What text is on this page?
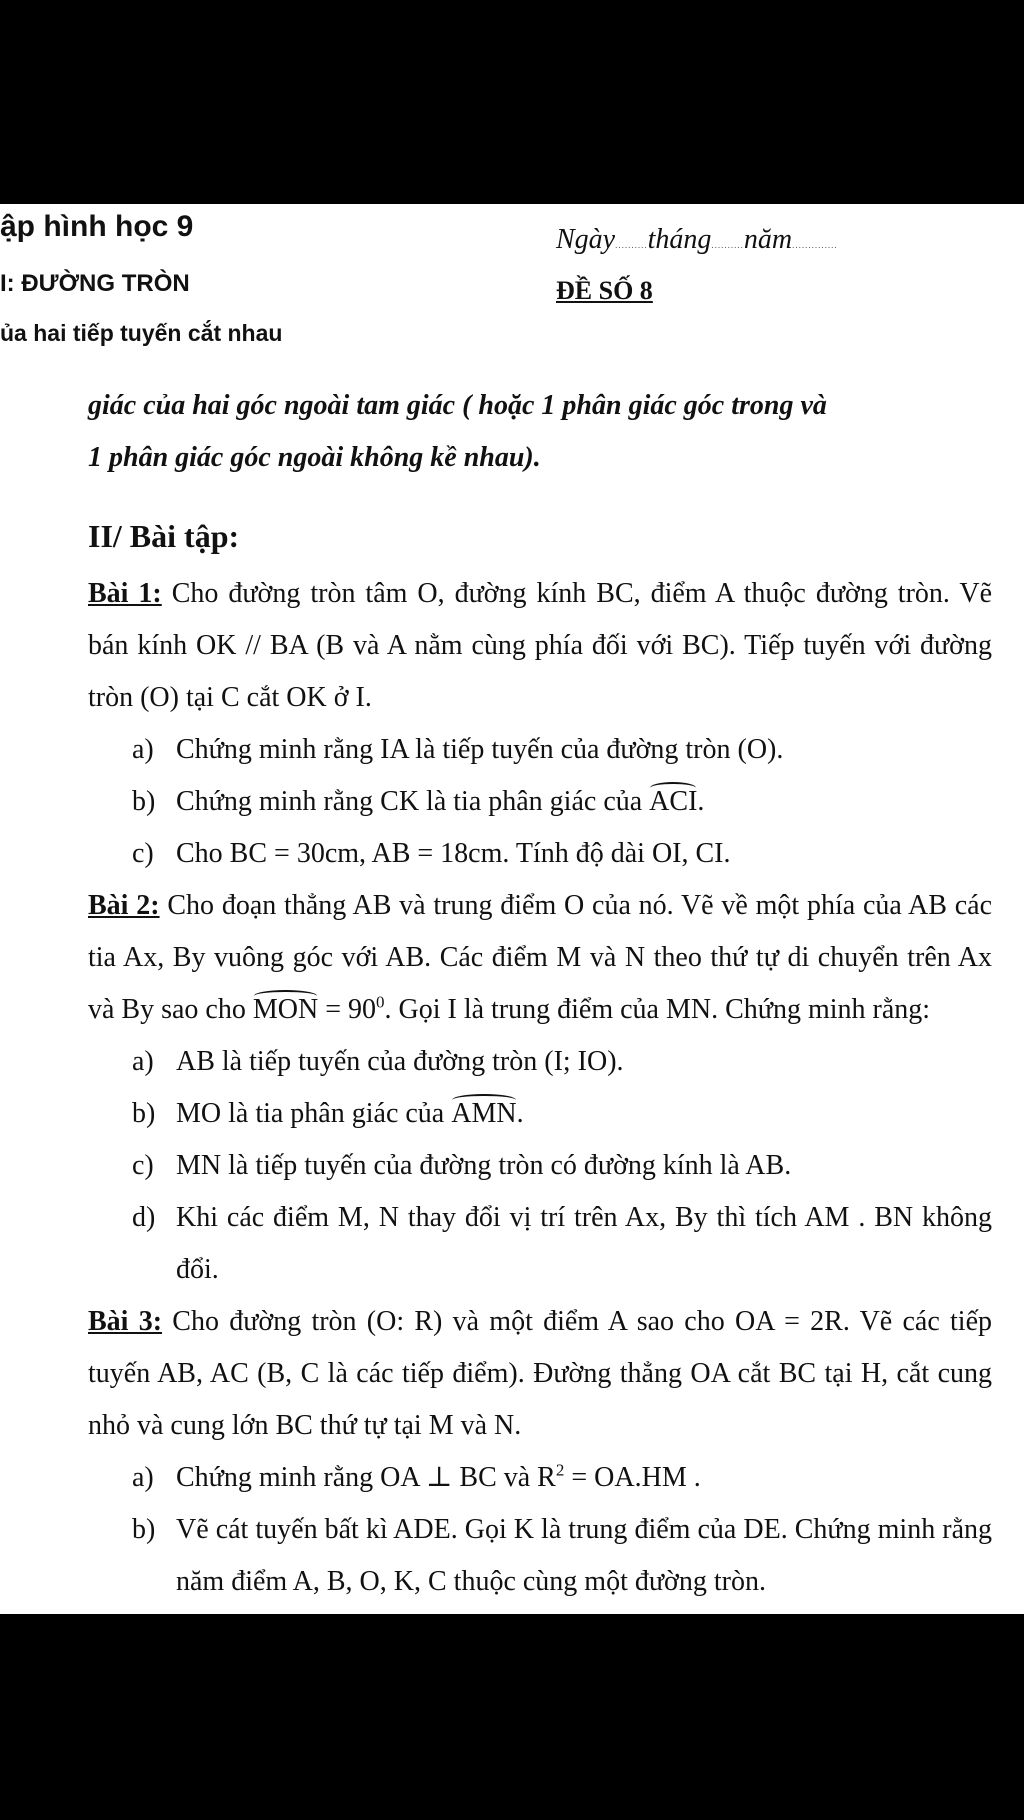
ập hình học 9
I: ĐƯỜNG TRÒN
ủa hai tiếp tuyến cắt nhau
Ngày..........tháng..........năm..............
ĐỀ SỐ 8
giác của hai góc ngoài tam giác ( hoặc 1 phân giác góc trong và
1 phân giác góc ngoài không kề nhau).
II/ Bài tập:

Bài 1: Cho đường tròn tâm O, đường kính BC, điểm A thuộc đường tròn. Vẽ bán kính OK // BA (B và A nằm cùng phía đối với BC). Tiếp tuyến với đường tròn (O) tại C cắt OK ở I.

a) Chứng minh rằng IA là tiếp tuyến của đường tròn (O).
b) Chứng minh rằng CK là tia phân giác của ACI.
c) Cho BC = 30cm, AB = 18cm. Tính độ dài OI, CI.

Bài 2: Cho đoạn thẳng AB và trung điểm O của nó. Vẽ về một phía của AB các tia Ax, By vuông góc với AB. Các điểm M và N theo thứ tự di chuyển trên Ax và By sao cho MON = $90^0$. Gọi I là trung điểm của MN. Chứng minh rằng:

a) AB là tiếp tuyến của đường tròn (I; IO).
b) MO là tia phân giác của AMN.
c) MN là tiếp tuyến của đường tròn có đường kính là AB.
d) Khi các điểm M, N thay đổi vị trí trên Ax, By thì tích AM . BN không đổi.

Bài 3: Cho đường tròn (O: R) và một điểm A sao cho OA = 2R. Vẽ các tiếp tuyến AB, AC (B, C là các tiếp điểm). Đường thẳng OA cắt BC tại H, cắt cung nhỏ và cung lớn BC thứ tự tại M và N.

a) Chứng minh rằng OA ⊥ BC và $R^2 = OA.HM$ .
b) Vẽ cát tuyến bất kì ADE. Gọi K là trung điểm của DE. Chứng minh rằng năm điểm A, B, O, K, C thuộc cùng một đường tròn.
